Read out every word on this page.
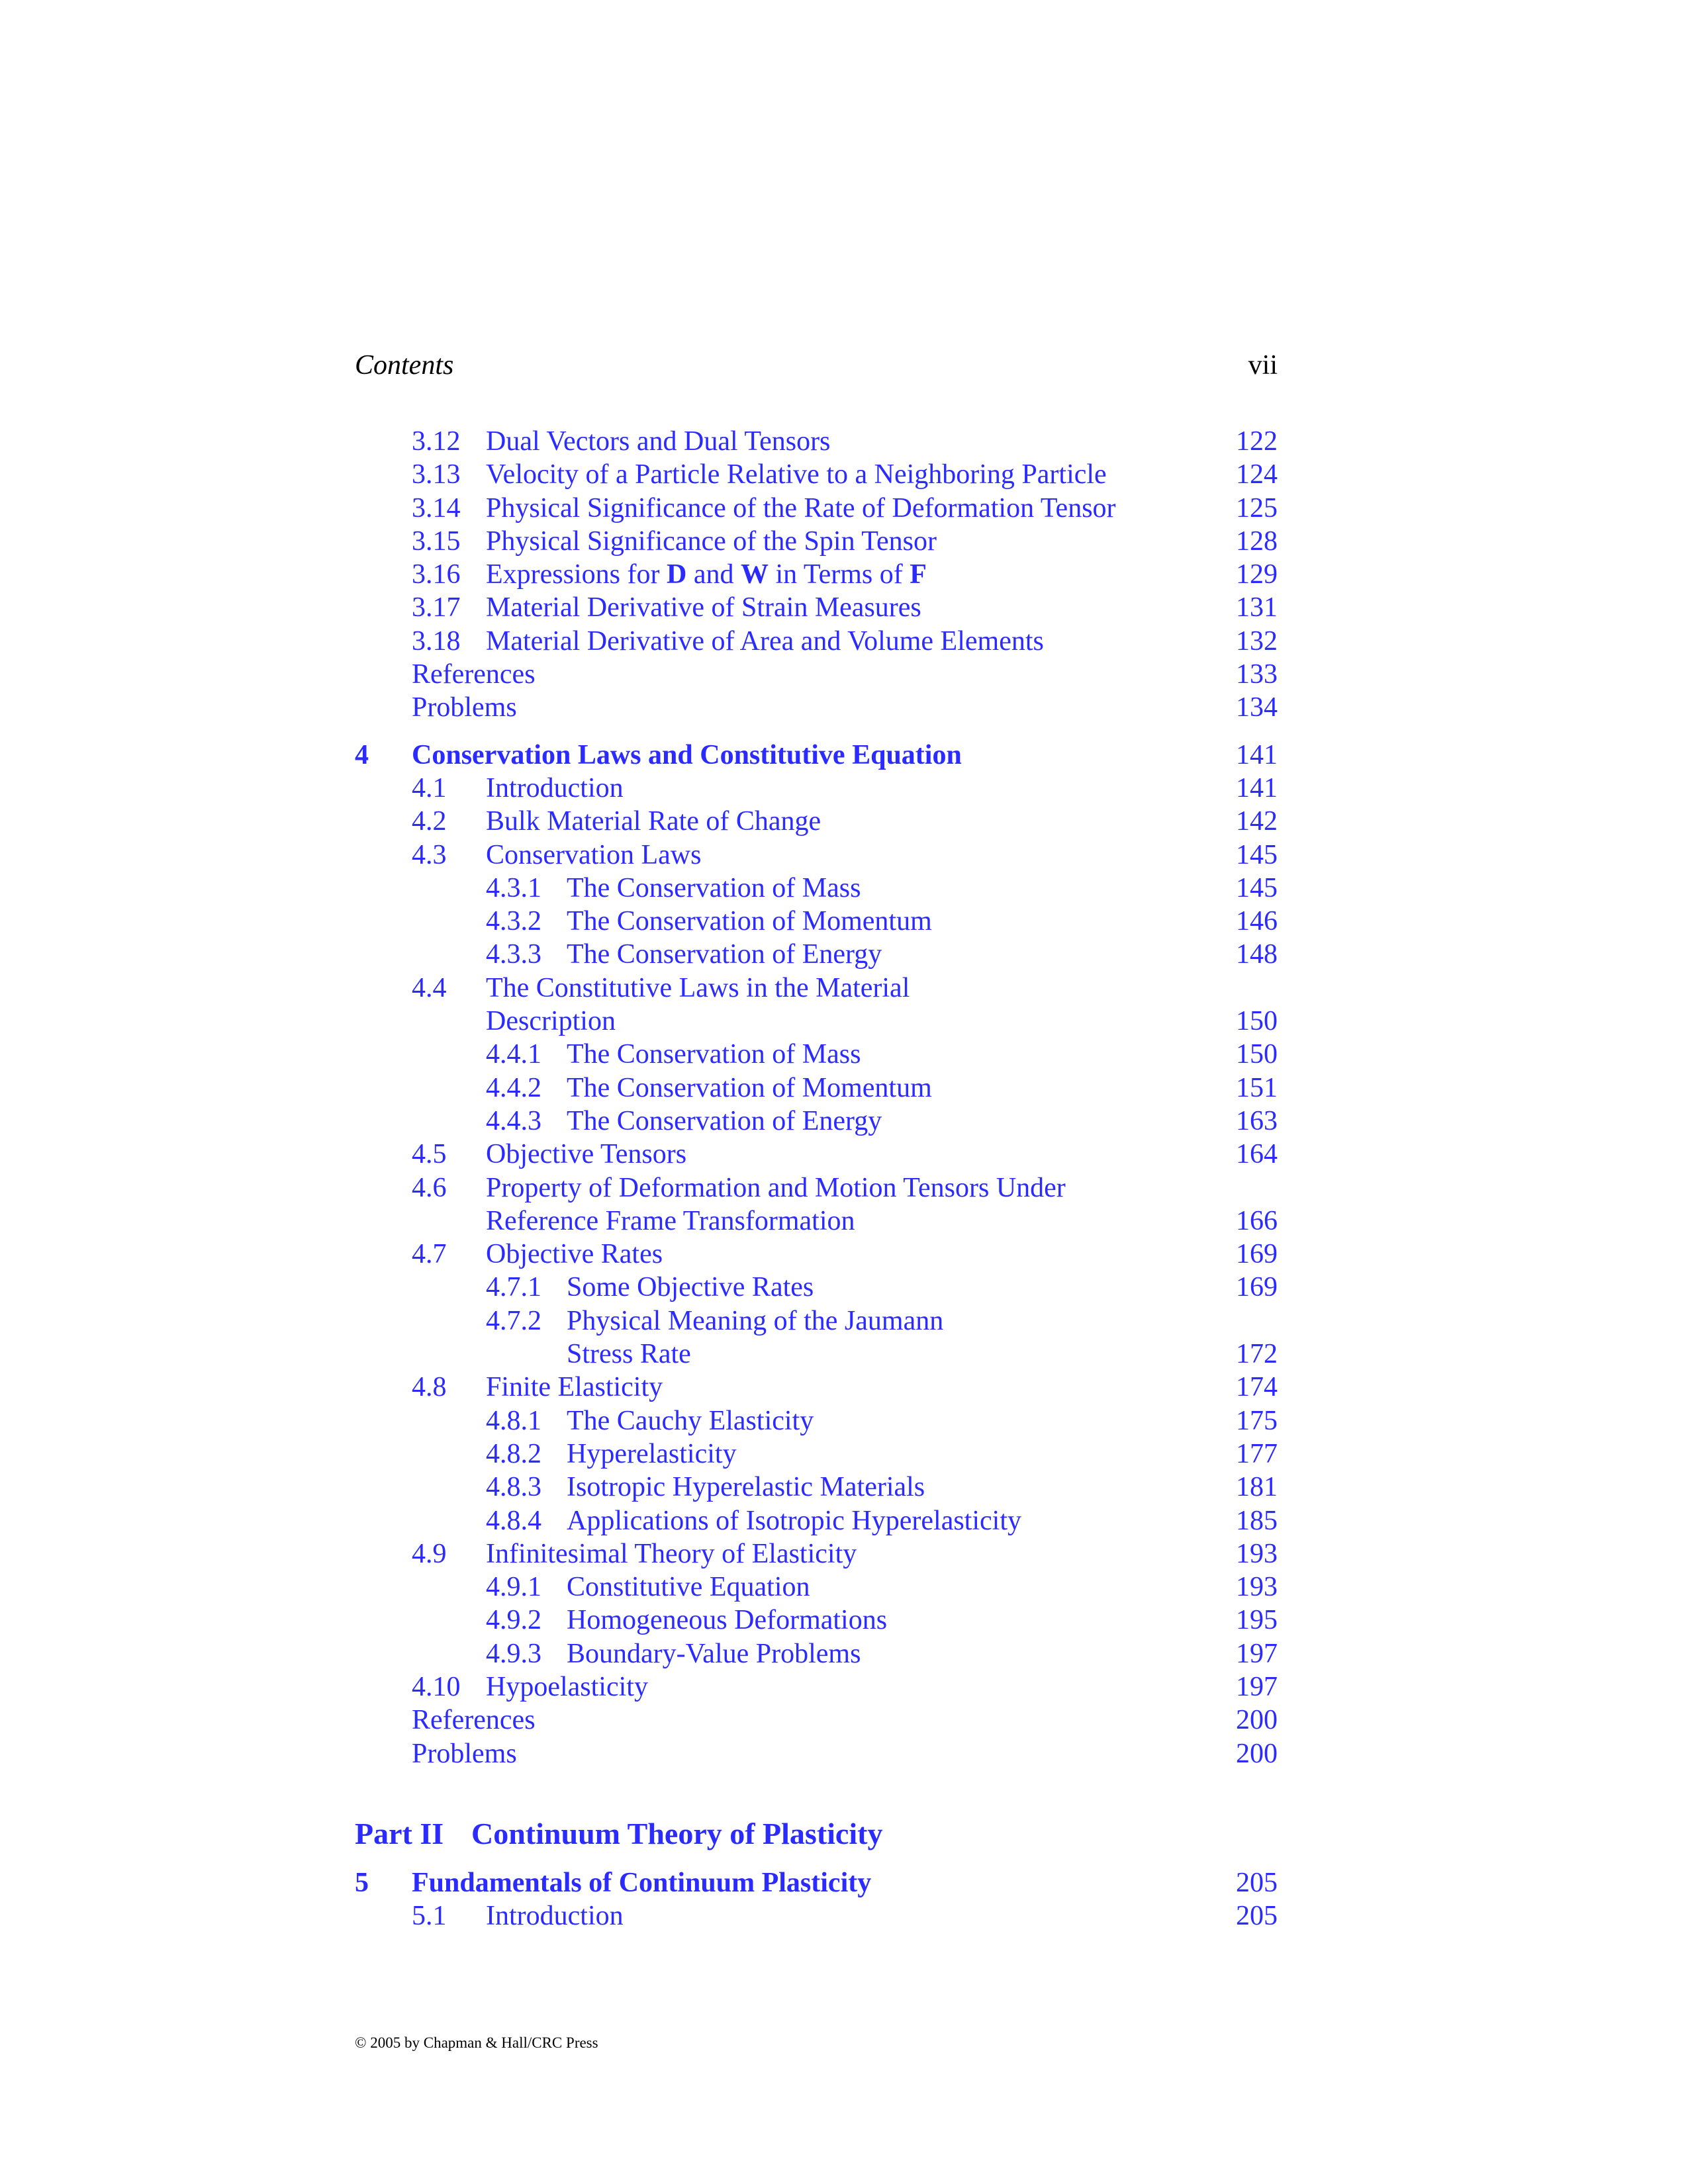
Contents	vii
3.12 Dual Vectors and Dual Tensors	122
3.13 Velocity of a Particle Relative to a Neighboring Particle	124
3.14 Physical Significance of the Rate of Deformation Tensor	125
3.15 Physical Significance of the Spin Tensor	128
3.16 Expressions for D and W in Terms of F	129
3.17 Material Derivative of Strain Measures	131
3.18 Material Derivative of Area and Volume Elements	132
References	133
Problems	134
4 Conservation Laws and Constitutive Equation	141
4.1 Introduction	141
4.2 Bulk Material Rate of Change	142
4.3 Conservation Laws	145
4.3.1 The Conservation of Mass	145
4.3.2 The Conservation of Momentum	146
4.3.3 The Conservation of Energy	148
4.4 The Constitutive Laws in the Material
Description	150
4.4.1 The Conservation of Mass	150
4.4.2 The Conservation of Momentum	151
4.4.3 The Conservation of Energy	163
4.5 Objective Tensors	164
4.6 Property of Deformation and Motion Tensors Under
Reference Frame Transformation	166
4.7 Objective Rates	169
4.7.1 Some Objective Rates	169
4.7.2 Physical Meaning of the Jaumann
Stress Rate	172
4.8 Finite Elasticity	174
4.8.1 The Cauchy Elasticity	175
4.8.2 Hyperelasticity	177
4.8.3 Isotropic Hyperelastic Materials	181
4.8.4 Applications of Isotropic Hyperelasticity	185
4.9 Infinitesimal Theory of Elasticity	193
4.9.1 Constitutive Equation	193
4.9.2 Homogeneous Deformations	195
4.9.3 Boundary-Value Problems	197
4.10 Hypoelasticity	197
References	200
Problems	200
Part II Continuum Theory of Plasticity
5 Fundamentals of Continuum Plasticity	205
5.1 Introduction	205
© 2005 by Chapman & Hall/CRC Press
